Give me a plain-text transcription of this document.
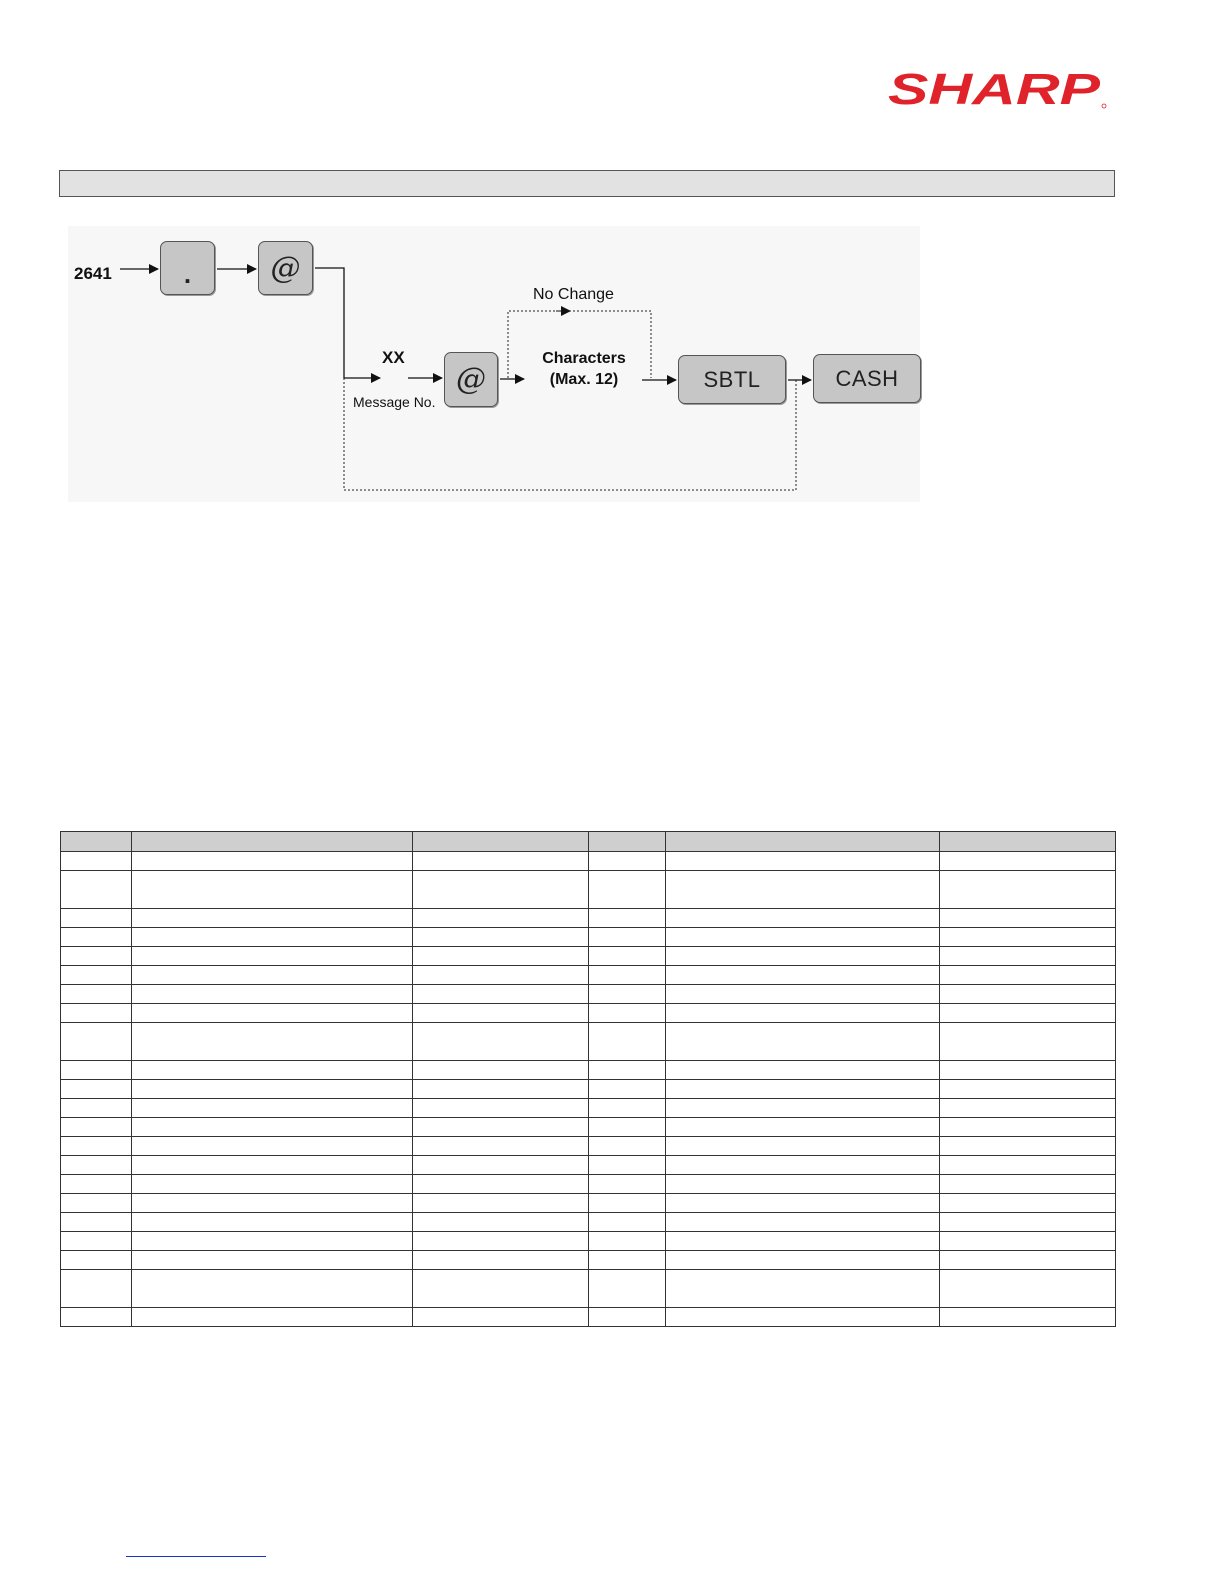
SHARP
2641	.	@
XX
Message No.
@
No Change
Characters
(Max. 12)	SBTL	CASH
